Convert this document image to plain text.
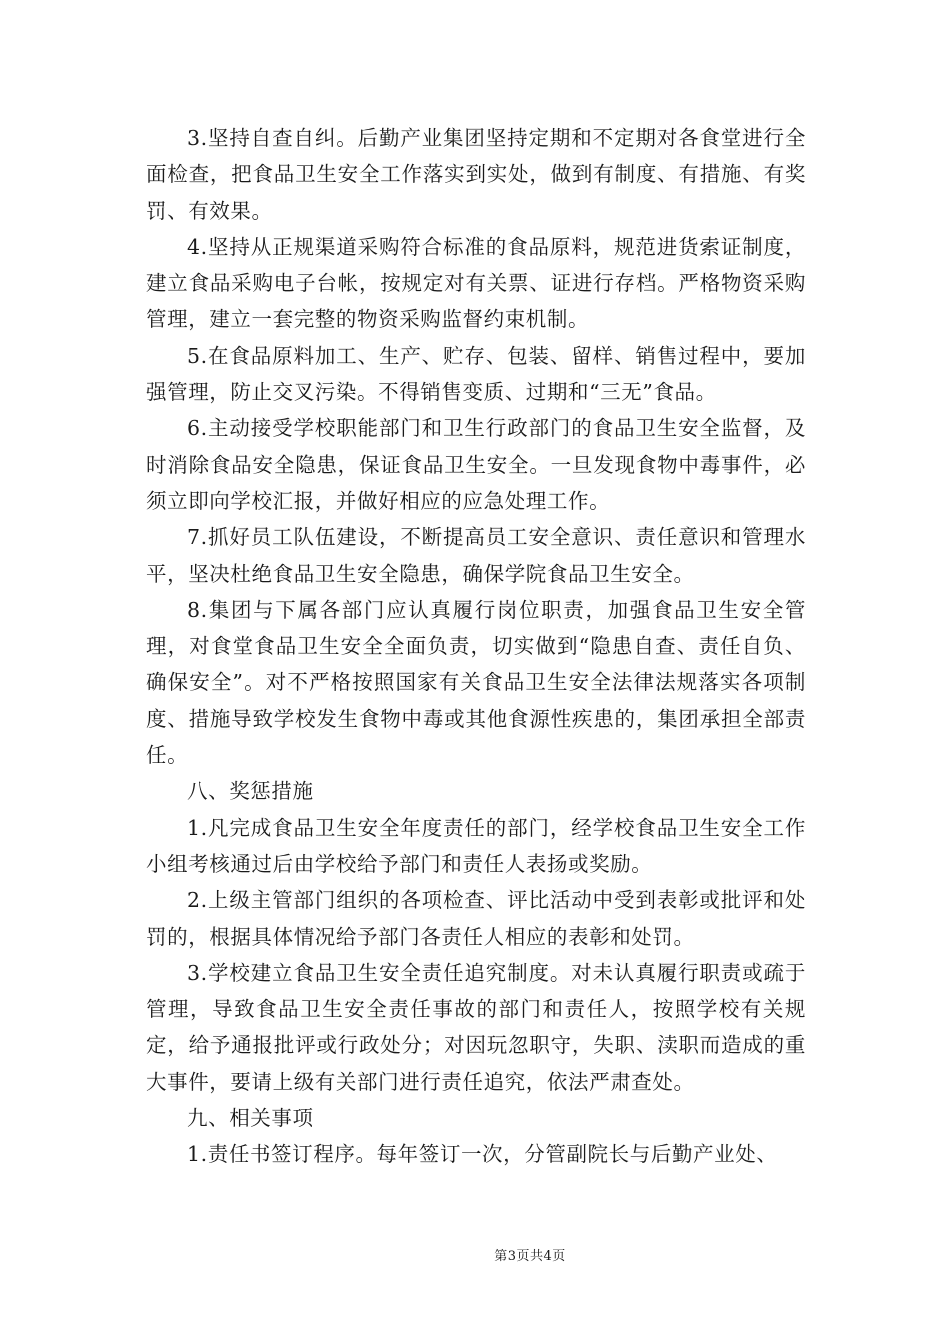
3.坚持自查自纠。后勤产业集团坚持定期和不定期对各食堂进行全面检查，把食品卫生安全工作落实到实处，做到有制度、有措施、有奖罚、有效果。

4.坚持从正规渠道采购符合标准的食品原料，规范进货索证制度，建立食品采购电子台帐，按规定对有关票、证进行存档。严格物资采购管理，建立一套完整的物资采购监督约束机制。

5.在食品原料加工、生产、贮存、包装、留样、销售过程中，要加强管理，防止交叉污染。不得销售变质、过期和“三无”食品。

6.主动接受学校职能部门和卫生行政部门的食品卫生安全监督，及时消除食品安全隐患，保证食品卫生安全。一旦发现食物中毒事件，必须立即向学校汇报，并做好相应的应急处理工作。

7.抓好员工队伍建设，不断提高员工安全意识、责任意识和管理水平，坚决杜绝食品卫生安全隐患，确保学院食品卫生安全。

8.集团与下属各部门应认真履行岗位职责，加强食品卫生安全管理，对食堂食品卫生安全全面负责，切实做到“隐患自查、责任自负、确保安全”。对不严格按照国家有关食品卫生安全法律法规落实各项制度、措施导致学校发生食物中毒或其他食源性疾患的，集团承担全部责任。

八、奖惩措施

1.凡完成食品卫生安全年度责任的部门，经学校食品卫生安全工作小组考核通过后由学校给予部门和责任人表扬或奖励。

2.上级主管部门组织的各项检查、评比活动中受到表彰或批评和处罚的，根据具体情况给予部门各责任人相应的表彰和处罚。

3.学校建立食品卫生安全责任追究制度。对未认真履行职责或疏于管理，导致食品卫生安全责任事故的部门和责任人，按照学校有关规定，给予通报批评或行政处分；对因玩忽职守，失职、渎职而造成的重大事件，要请上级有关部门进行责任追究，依法严肃查处。

九、相关事项

1.责任书签订程序。每年签订一次，分管副院长与后勤产业处、

第3页共4页
